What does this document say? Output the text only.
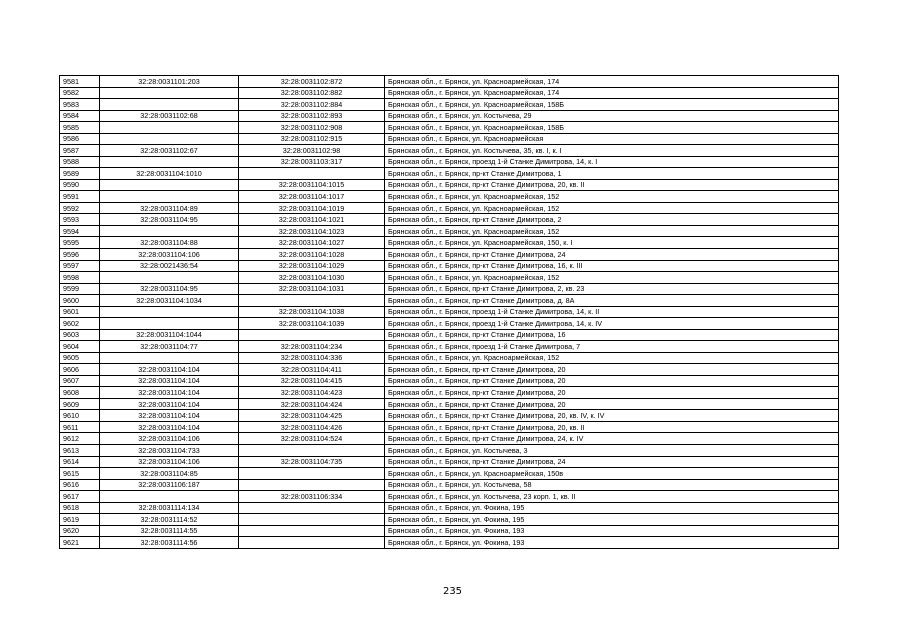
9581	32:28:0031101:203	32:28:0031102:872	Брянская обл., г. Брянск, ул. Красноармейская, 174
9582		32:28:0031102:882	Брянская обл., г. Брянск, ул. Красноармейская, 174
9583		32:28:0031102:884	Брянская обл., г. Брянск, ул. Красноармейская, 158Б
9584	32:28:0031102:68	32:28:0031102:893	Брянская обл., г. Брянск, ул. Костычева, 29
9585		32:28:0031102:908	Брянская обл., г. Брянск, ул. Красноармейская, 158Б
9586		32:28:0031102:915	Брянская обл., г. Брянск, ул. Красноармейская
9587	32:28:0031102:67	32:28:0031102:98	Брянская обл., г. Брянск, ул. Костычева, 35, кв. I, к. I
9588		32:28:0031103:317	Брянская обл., г. Брянск, проезд 1-й Станке Димитрова, 14, к. I
9589	32:28:0031104:1010		Брянская обл., г. Брянск, пр-кт Станке Димитрова, 1
9590		32:28:0031104:1015	Брянская обл., г. Брянск, пр-кт Станке Димитрова, 20, кв. II
9591		32:28:0031104:1017	Брянская обл., г. Брянск, ул. Красноармейская, 152
9592	32:28:0031104:89	32:28:0031104:1019	Брянская обл., г. Брянск, ул. Красноармейская, 152
9593	32:28:0031104:95	32:28:0031104:1021	Брянская обл., г. Брянск, пр-кт Станке Димитрова, 2
9594		32:28:0031104:1023	Брянская обл., г. Брянск, ул. Красноармейская, 152
9595	32:28:0031104:88	32:28:0031104:1027	Брянская обл., г. Брянск, ул. Красноармейская, 150, к. I
9596	32:28:0031104:106	32:28:0031104:1028	Брянская обл., г. Брянск, пр-кт Станке Димитрова, 24
9597	32:28:0021436:54	32:28:0031104:1029	Брянская обл., г. Брянск, пр-кт Станке Димитрова, 16, к. III
9598		32:28:0031104:1030	Брянская обл., г. Брянск, ул. Красноармейская, 152
9599	32:28:0031104:95	32:28:0031104:1031	Брянская обл., г. Брянск, пр-кт Станке Димитрова, 2, кв. 23
9600	32:28:0031104:1034		Брянская обл., г. Брянск, пр-кт Станке Димитрова, д. 8А
9601		32:28:0031104:1038	Брянская обл., г. Брянск, проезд 1-й Станке Димитрова, 14, к. II
9602		32:28:0031104:1039	Брянская обл., г. Брянск, проезд 1-й Станке Димитрова, 14, к. IV
9603	32:28:0031104:1044		Брянская обл., г. Брянск, пр-кт Станке Димитрова, 16
9604	32:28:0031104:77	32:28:0031104:234	Брянская обл., г. Брянск, проезд 1-й Станке Димитрова, 7
9605		32:28:0031104:336	Брянская обл., г. Брянск, ул. Красноармейская, 152
9606	32:28:0031104:104	32:28:0031104:411	Брянская обл., г. Брянск, пр-кт Станке Димитрова, 20
9607	32:28:0031104:104	32:28:0031104:415	Брянская обл., г. Брянск, пр-кт Станке Димитрова, 20
9608	32:28:0031104:104	32:28:0031104:423	Брянская обл., г. Брянск, пр-кт Станке Димитрова, 20
9609	32:28:0031104:104	32:28:0031104:424	Брянская обл., г. Брянск, пр-кт Станке Димитрова, 20
9610	32:28:0031104:104	32:28:0031104:425	Брянская обл., г. Брянск, пр-кт Станке Димитрова, 20, кв. IV, к. IV
9611	32:28:0031104:104	32:28:0031104:426	Брянская обл., г. Брянск, пр-кт Станке Димитрова, 20, кв. II
9612	32:28:0031104:106	32:28:0031104:524	Брянская обл., г. Брянск, пр-кт Станке Димитрова, 24, к. IV
9613	32:28:0031104:733		Брянская обл., г. Брянск, ул. Костычева, 3
9614	32:28:0031104:106	32:28:0031104:735	Брянская обл., г. Брянск, пр-кт Станке Димитрова, 24
9615	32:28:0031104:85		Брянская обл., г. Брянск, ул. Красноармейская, 150в
9616	32:28:0031106:187		Брянская обл., г. Брянск, ул. Костычева, 58
9617		32:28:0031106:334	Брянская обл., г. Брянск, ул. Костычева, 23 корп. 1, кв. II
9618	32:28:0031114:134		Брянская обл., г. Брянск, ул. Фокина, 195
9619	32:28:0031114:52		Брянская обл., г. Брянск, ул. Фокина, 195
9620	32:28:0031114:55		Брянская обл., г. Брянск, ул. Фокина, 193
9621	32:28:0031114:56		Брянская обл., г. Брянск, ул. Фокина, 193
235
